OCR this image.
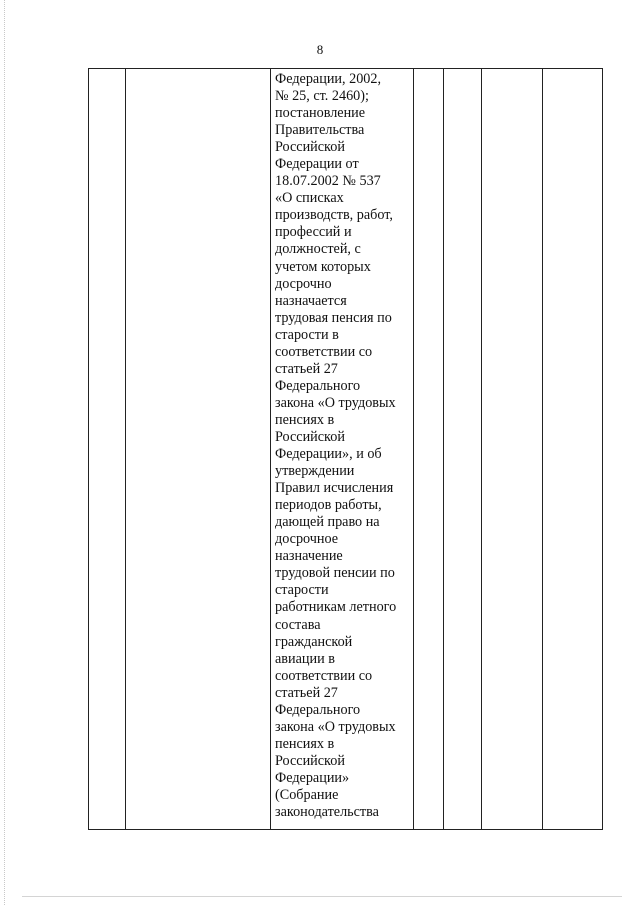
8

Федерации, 2002,
№ 25, ст. 2460);
постановление
Правительства
Российской
Федерации от
18.07.2002 № 537
«О списках
производств, работ,
профессий и
должностей, с
учетом которых
досрочно
назначается
трудовая пенсия по
старости в
соответствии со
статьей 27
Федерального
закона «О трудовых
пенсиях в
Российской
Федерации», и об
утверждении
Правил исчисления
периодов работы,
дающей право на
досрочное
назначение
трудовой пенсии по
старости
работникам летного
состава
гражданской
авиации в
соответствии со
статьей 27
Федерального
закона «О трудовых
пенсиях в
Российской
Федерации»
(Собрание
законодательства
